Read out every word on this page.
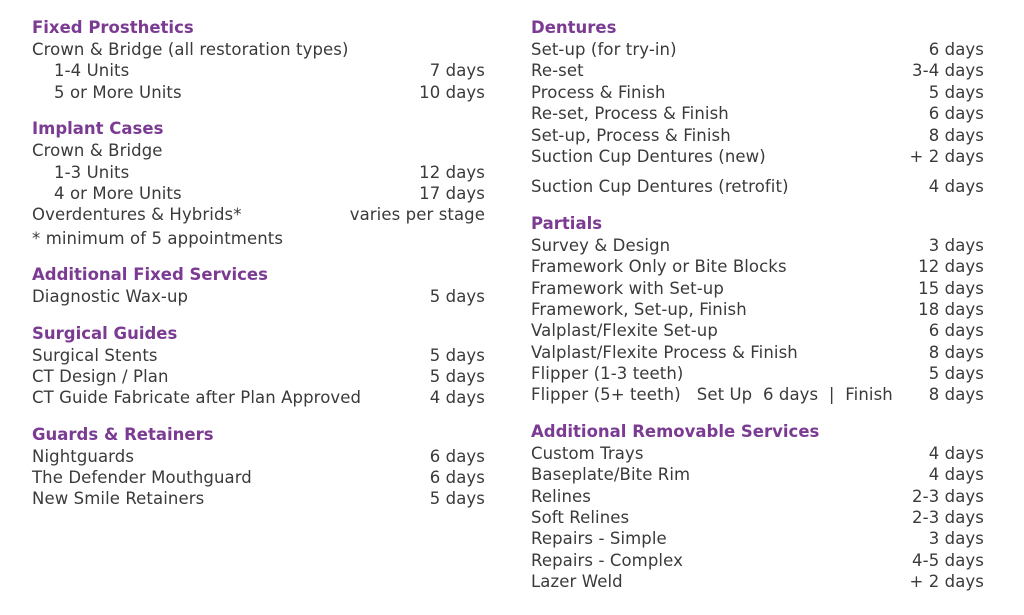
Fixed Prosthetics
Crown & Bridge (all restoration types)
1-4 Units	7 days
5 or More Units	10 days
Implant Cases
Crown & Bridge
1-3 Units	12 days
4 or More Units	17 days
Overdentures & Hybrids*	varies per stage
* minimum of 5 appointments
Additional Fixed Services
Diagnostic Wax-up	5 days
Surgical Guides
Surgical Stents	5 days
CT Design / Plan	5 days
CT Guide Fabricate after Plan Approved	4 days
Guards & Retainers
Nightguards	6 days
The Defender Mouthguard	6 days
New Smile Retainers	5 days
Dentures
Set-up (for try-in)	6 days
Re-set	3-4 days
Process & Finish	5 days
Re-set, Process & Finish	6 days
Set-up, Process & Finish	8 days
Suction Cup Dentures (new)	+ 2 days
Suction Cup Dentures (retrofit)	4 days
Partials
Survey & Design	3 days
Framework Only or Bite Blocks	12 days
Framework with Set-up	15 days
Framework, Set-up, Finish	18 days
Valplast/Flexite Set-up	6 days
Valplast/Flexite Process & Finish	8 days
Flipper (1-3 teeth)	5 days
Flipper (5+ teeth)   Set Up  6 days  |  Finish 8 days
Additional Removable Services
Custom Trays	4 days
Baseplate/Bite Rim	4 days
Relines	2-3 days
Soft Relines	2-3 days
Repairs - Simple	3 days
Repairs - Complex	4-5 days
Lazer Weld	+ 2 days
